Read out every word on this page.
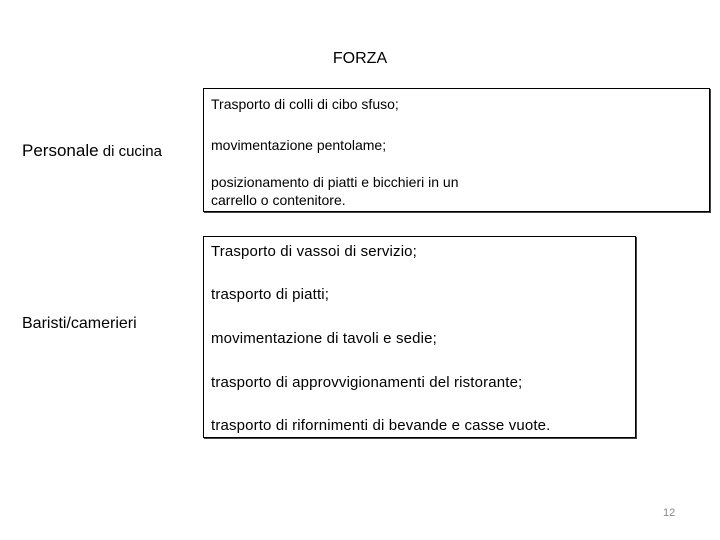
FORZA
Personale di cucina
Trasporto di colli di cibo sfuso;
movimentazione pentolame;
posizionamento di piatti e bicchieri in un
carrello o contenitore.
Baristi/camerieri
Trasporto di vassoi di servizio;
trasporto di piatti;
movimentazione di tavoli e sedie;
trasporto di approvvigionamenti del ristorante;
trasporto di rifornimenti di bevande e casse vuote.
12
